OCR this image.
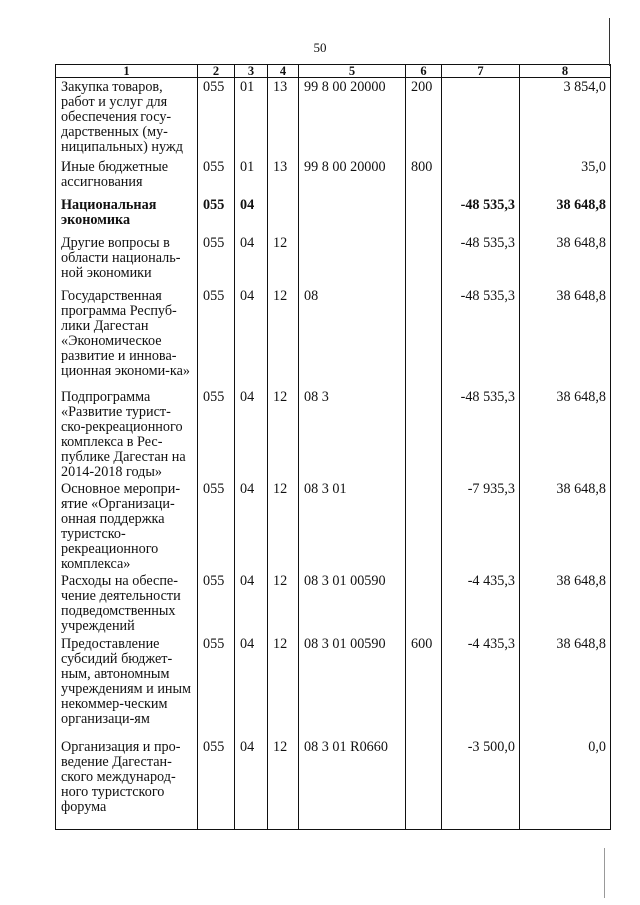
50
1	2	3	4	5	6	7	8
Закупка товаров, работ и услуг для обеспечения госу-дарственных (му-ниципальных) нужд	055	01	13	99 8 00 20000	200		3 854,0
Иные бюджетные ассигнования	055	01	13	99 8 00 20000	800		35,0
Национальная экономика	055	04				-48 535,3	38 648,8
Другие вопросы в области националь-ной экономики	055	04	12			-48 535,3	38 648,8
Государственная программа Респуб-лики Дагестан «Экономическое развитие и иннова-ционная экономи-ка»	055	04	12	08		-48 535,3	38 648,8
Подпрограмма «Развитие турист-ско-рекреационного комплекса в Рес-публике Дагестан на 2014-2018 годы»	055	04	12	08 3		-48 535,3	38 648,8
Основное меропри-ятие «Организаци-онная поддержка туристско-рекреационного комплекса»	055	04	12	08 3 01		-7 935,3	38 648,8
Расходы на обеспе-чение деятельности подведомственных учреждений	055	04	12	08 3 01 00590		-4 435,3	38 648,8
Предоставление субсидий бюджет-ным, автономным учреждениям и иным некоммер-ческим организаци-ям	055	04	12	08 3 01 00590	600	-4 435,3	38 648,8
Организация и про-ведение Дагестан-ского международ-ного туристского форума	055	04	12	08 3 01 R0660		-3 500,0	0,0
